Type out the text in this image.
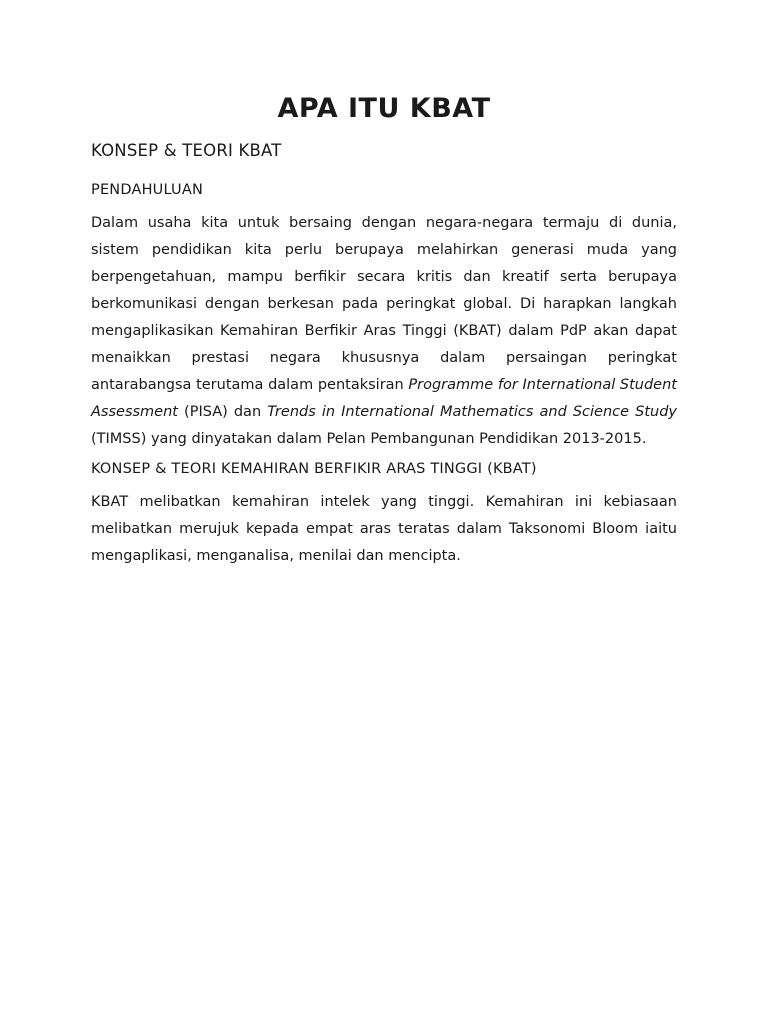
APA ITU KBAT
KONSEP & TEORI KBAT
PENDAHULUAN

Dalam usaha kita untuk bersaing dengan negara-negara termaju di dunia, sistem pendidikan kita perlu berupaya melahirkan generasi muda yang berpengetahuan, mampu berfikir secara kritis dan kreatif serta berupaya berkomunikasi dengan berkesan pada peringkat global. Di harapkan langkah mengaplikasikan Kemahiran Berfikir Aras Tinggi (KBAT) dalam PdP akan dapat menaikkan prestasi negara khususnya dalam persaingan peringkat antarabangsa terutama dalam pentaksiran Programme for International Student Assessment (PISA) dan Trends in International Mathematics and Science Study (TIMSS) yang dinyatakan dalam Pelan Pembangunan Pendidikan 2013-2015.

KONSEP & TEORI KEMAHIRAN BERFIKIR ARAS TINGGI (KBAT)

KBAT melibatkan kemahiran intelek yang tinggi. Kemahiran ini kebiasaan melibatkan merujuk kepada empat aras teratas dalam Taksonomi Bloom iaitu mengaplikasi, menganalisa, menilai dan mencipta.
